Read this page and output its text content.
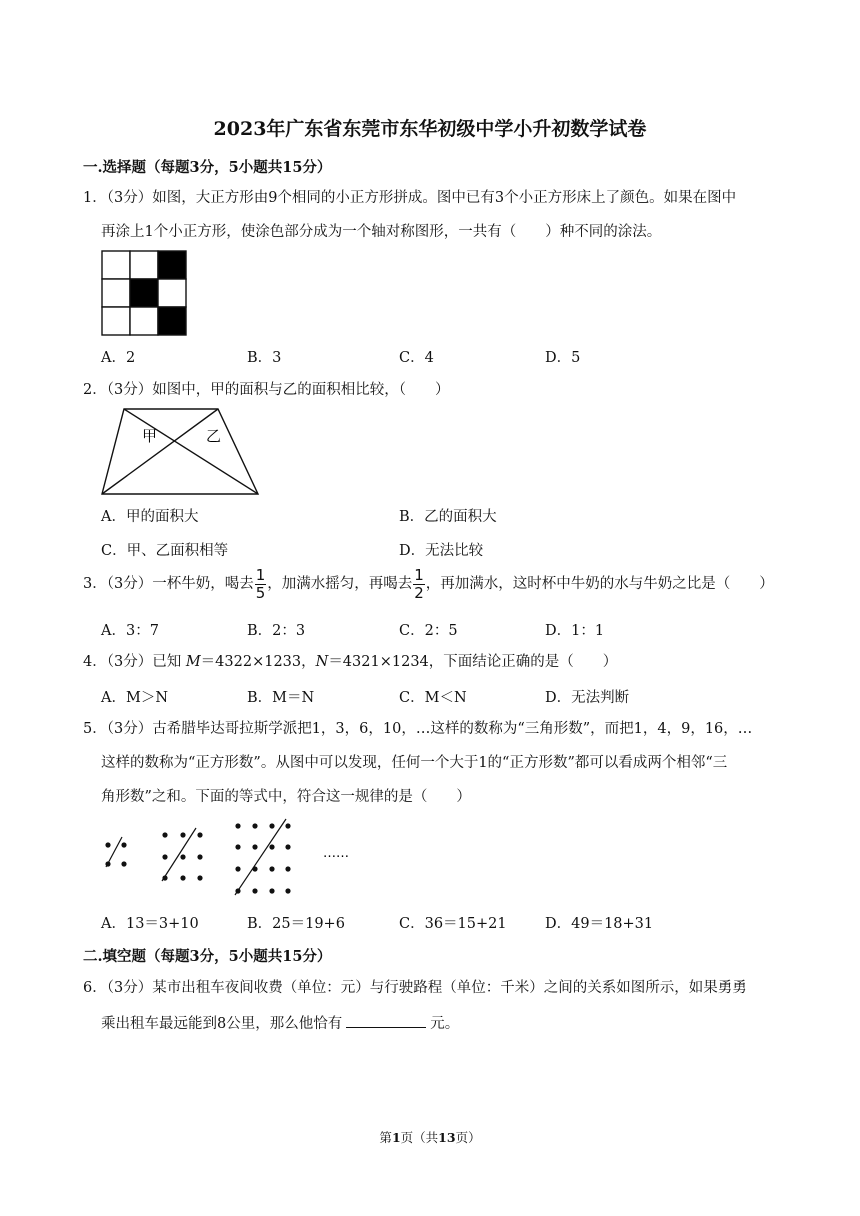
2023年广东省东莞市东华初级中学小升初数学试卷
一.选择题（每题3分，5小题共15分）
1．（3分）如图，大正方形由9个相同的小正方形拼成。图中已有3个小正方形床上了颜色。如果在图中
再涂上1个小正方形，使涂色部分成为一个轴对称图形，一共有（　　）种不同的涂法。
A．2	B．3	C．4	D．5
2．（3分）如图中，甲的面积与乙的面积相比较，（　　）
甲	乙
A．甲的面积大	B．乙的面积大
C．甲、乙面积相等	D．无法比较
3．（3分）一杯牛奶，喝去 $\frac{1}{5}$ ，加满水摇匀，再喝去 $\frac{1}{2}$ ，再加满水，这时杯中牛奶的水与牛奶之比是（　　）
A．3：7	B．2：3	C．2：5	D．1：1
4．（3分）已知 M＝4322×1233，N＝4321×1234，下面结论正确的是（　　）
A．M＞N	B．M＝N	C．M＜N	D．无法判断
5．（3分）古希腊毕达哥拉斯学派把1，3，6，10，…这样的数称为“三角形数”，而把1，4，9，16，…
这样的数称为“正方形数”。从图中可以发现，任何一个大于1的“正方形数”都可以看成两个相邻“三
角形数”之和。下面的等式中，符合这一规律的是（　　）
……
A．13＝3+10	B．25＝19+6	C．36＝15+21	D．49＝18+31
二.填空题（每题3分，5小题共15分）
6．（3分）某市出租车夜间收费（单位：元）与行驶路程（单位：千米）之间的关系如图所示，如果勇勇
乘出租车最远能到8公里，那么他恰有	元。
第1页（共13页）
